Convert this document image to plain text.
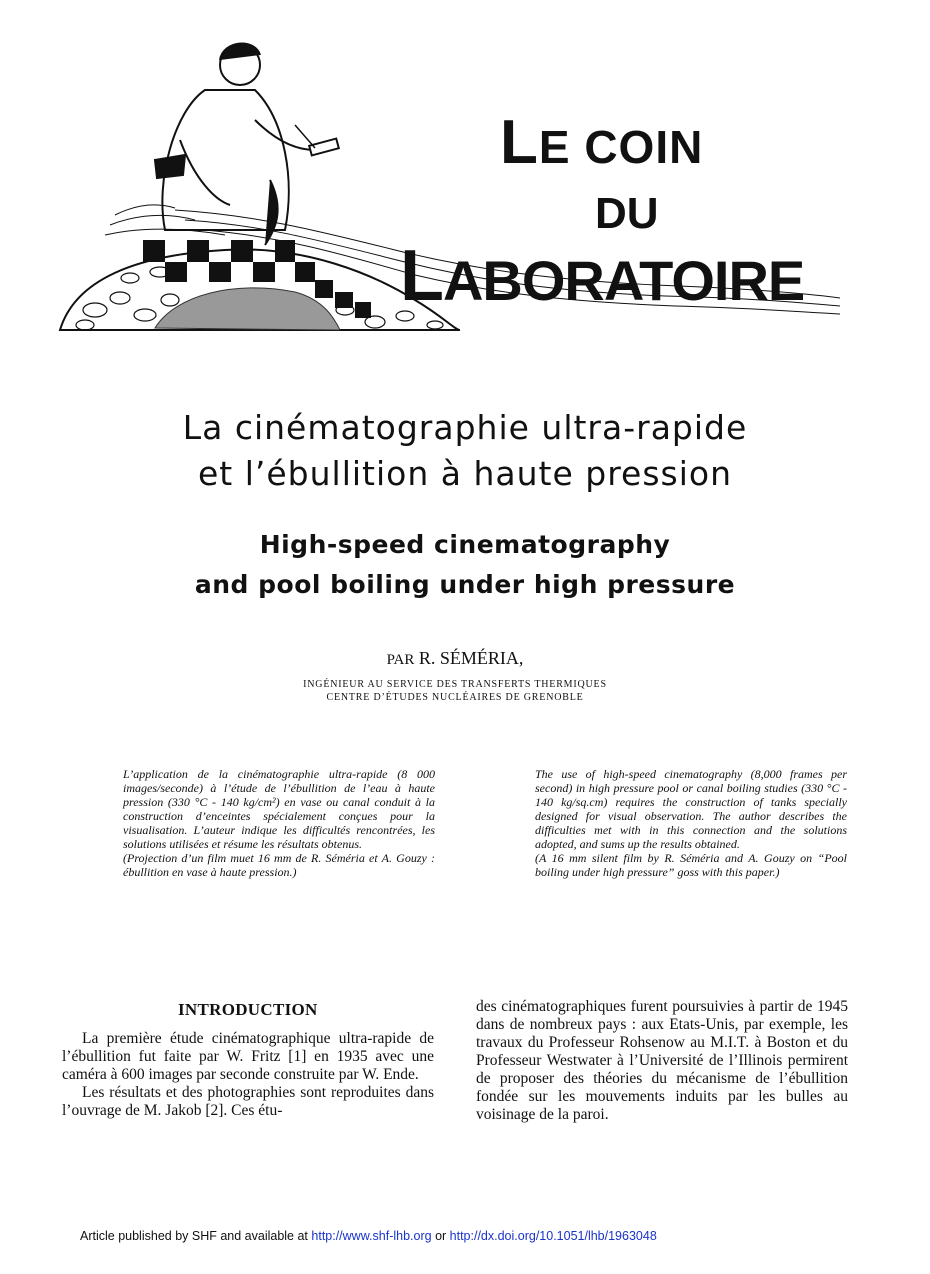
LE COIN
DU
LABORATOIRE
La cinématographie ultra-rapide
et l’ébullition à haute pression
High-speed cinematography
and pool boiling under high pressure
PAR R. SÉMÉRIA,
INGÉNIEUR AU SERVICE DES TRANSFERTS THERMIQUES
CENTRE D’ÉTUDES NUCLÉAIRES DE GRENOBLE

L’application de la cinématographie ultra-rapide (8 000 images/seconde) à l’étude de l’ébullition de l’eau à haute pression (330 °C - 140 kg/cm²) en vase ou canal conduit à la construction d’enceintes spécialement conçues pour la visualisation. L’auteur indique les difficultés rencontrées, les solutions utilisées et résume les résultats obtenus.

(Projection d’un film muet 16 mm de R. Séméria et A. Gouzy : ébullition en vase à haute pression.)

The use of high-speed cinematography (8,000 frames per second) in high pressure pool or canal boiling studies (330 °C - 140 kg/sq.cm) requires the construction of tanks specially designed for visual observation. The author describes the difficulties met with in this connection and the solutions adopted, and sums up the results obtained.

(A 16 mm silent film by R. Séméria and A. Gouzy on “Pool boiling under high pressure” goss with this paper.)

INTRODUCTION

La première étude cinématographique ultra-rapide de l’ébullition fut faite par W. Fritz [1] en 1935 avec une caméra à 600 images par seconde construite par W. Ende.

Les résultats et des photographies sont reproduites dans l’ouvrage de M. Jakob [2]. Ces étu-

des cinématographiques furent poursuivies à partir de 1945 dans de nombreux pays : aux Etats-Unis, par exemple, les travaux du Professeur Rohsenow au M.I.T. à Boston et du Professeur Westwater à l’Université de l’Illinois permirent de proposer des théories du mécanisme de l’ébullition fondée sur les mouvements induits par les bulles au voisinage de la paroi.

Article published by SHF and available at http://www.shf-lhb.org or http://dx.doi.org/10.1051/lhb/1963048
